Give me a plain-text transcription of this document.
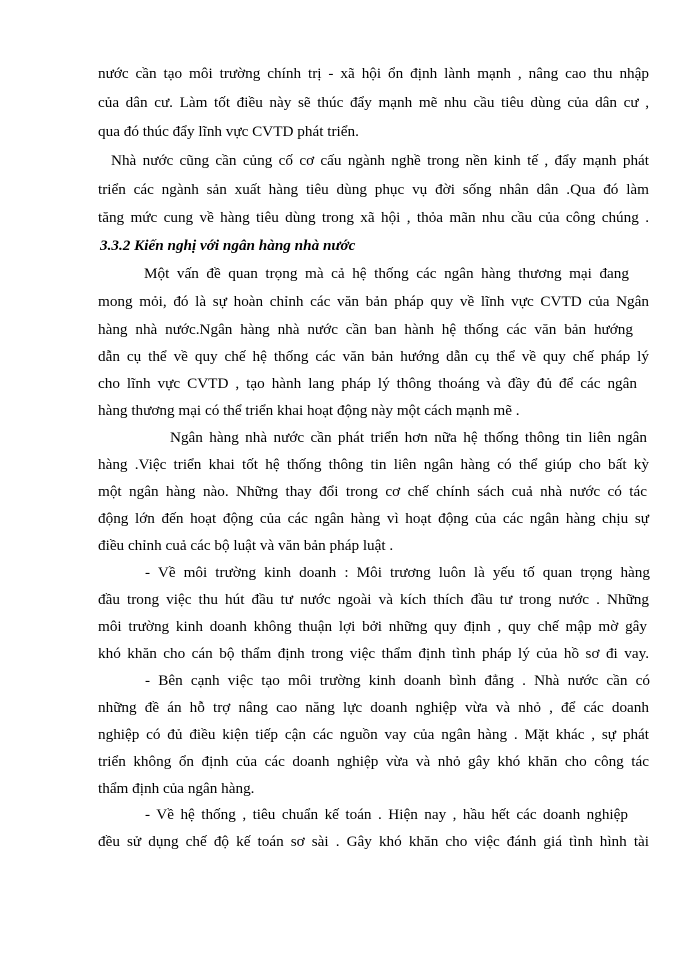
nước cần tạo môi trường chính trị - xã hội ổn định lành mạnh , nâng cao thu nhập
của dân cư. Làm tốt điều này sẽ thúc đẩy mạnh mẽ nhu cầu tiêu dùng của dân cư ,
qua đó thúc đẩy lĩnh vực CVTD phát triển.
Nhà nước cũng cần củng cố cơ cấu ngành nghề trong nền kinh tế , đẩy mạnh phát
triển các ngành sản xuất hàng tiêu dùng phục vụ đời sống nhân dân .Qua đó làm
tăng mức cung về hàng tiêu dùng trong xã hội , thỏa mãn nhu cầu của công chúng .
3.3.2 Kiến nghị với ngân hàng nhà nước
Một vấn đề quan trọng mà cả hệ thống các ngân hàng thương mại đang
mong mỏi, đó là sự hoàn chỉnh các văn bản pháp quy về lĩnh vực CVTD của Ngân
hàng nhà nước.Ngân hàng nhà nước cần ban hành hệ thống các văn bản hướng
dẫn cụ thể về quy chế hệ thống các văn bản hướng dẫn cụ thể về quy chế pháp lý
cho lĩnh vực CVTD , tạo hành lang pháp lý thông thoáng và đầy đủ để các ngân
hàng thương mại có thể triển khai hoạt động này một cách mạnh mẽ .
Ngân hàng nhà nước cần phát triển hơn nữa hệ thống thông tin liên ngân
hàng .Việc triển khai tốt hệ thống thông tin liên ngân hàng có thể giúp cho bất kỳ
một ngân hàng nào. Những thay đổi trong cơ chế chính sách cuả nhà nước có tác
động lớn đến hoạt động của các ngân hàng vì hoạt động của các ngân hàng chịu sự
điều chỉnh cuả các bộ luật và văn bản pháp luật .
- Về môi trường kinh doanh : Môi trương luôn là yếu tố quan trọng hàng
đầu trong việc thu hút đầu tư nước ngoài và kích thích đầu tư trong nước . Những
môi trường kinh doanh không thuận lợi bởi những quy định , quy chế mập mờ gây
khó khăn cho cán bộ thẩm định trong việc thẩm định tình pháp lý của hồ sơ đi vay.
- Bên cạnh việc tạo môi trường kinh doanh bình đẳng . Nhà nước cần có
những đề án hỗ trợ nâng cao năng lực doanh nghiệp vừa và nhỏ , để các doanh
nghiệp có đủ điều kiện tiếp cận các nguồn vay của ngân hàng . Mặt khác , sự phát
triển không ổn định của các doanh nghiệp vừa và nhỏ gây khó khăn cho công tác
thẩm định của ngân hàng.
- Về hệ thống , tiêu chuẩn kế toán . Hiện nay , hầu hết các doanh nghiệp
đều sử dụng chế độ kế toán sơ sài . Gây khó khăn cho việc đánh giá tình hình tài
